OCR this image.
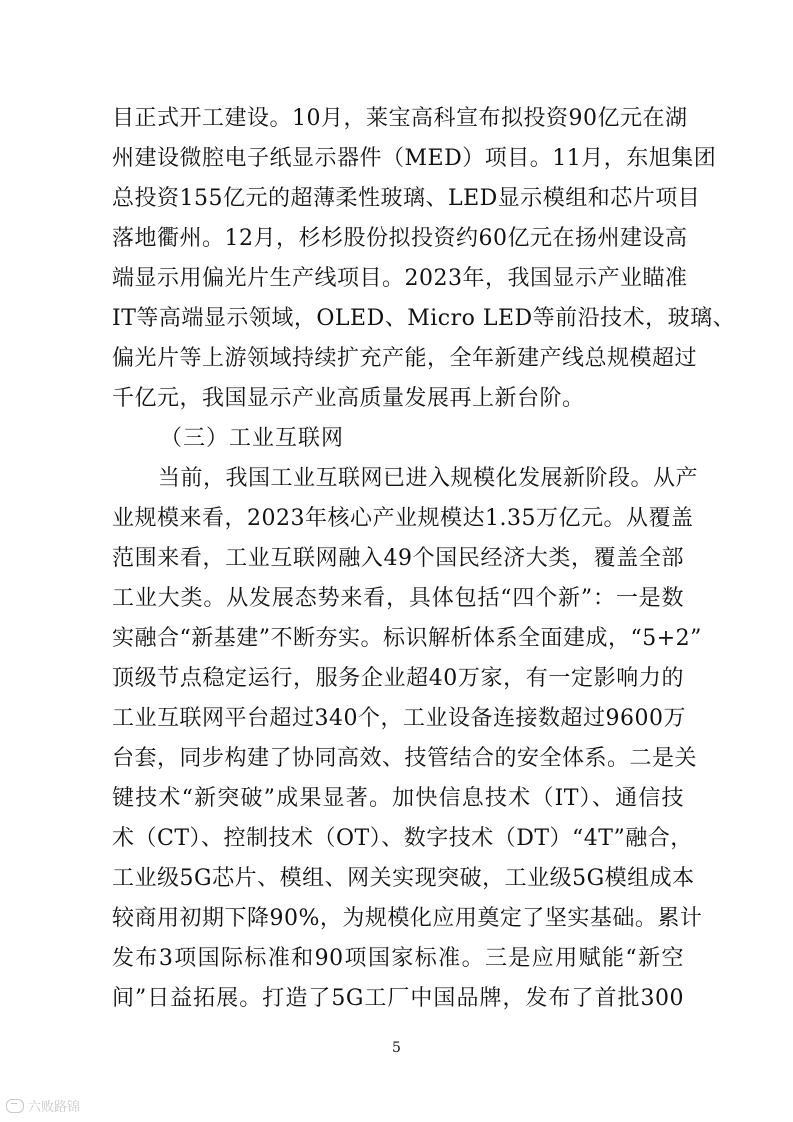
目正式开工建设。10月，莱宝高科宣布拟投资90亿元在湖
州建设微腔电子纸显示器件（MED）项目。11月，东旭集团
总投资155亿元的超薄柔性玻璃、LED显示模组和芯片项目
落地衢州。12月，杉杉股份拟投资约60亿元在扬州建设高
端显示用偏光片生产线项目。2023年，我国显示产业瞄准
IT等高端显示领域，OLED、Micro LED等前沿技术，玻璃、
偏光片等上游领域持续扩充产能，全年新建产线总规模超过
千亿元，我国显示产业高质量发展再上新台阶。
（三）工业互联网
当前，我国工业互联网已进入规模化发展新阶段。从产
业规模来看，2023年核心产业规模达1.35万亿元。从覆盖
范围来看，工业互联网融入49个国民经济大类，覆盖全部
工业大类。从发展态势来看，具体包括“四个新”：一是数
实融合“新基建”不断夯实。标识解析体系全面建成，“5+2”
顶级节点稳定运行，服务企业超40万家，有一定影响力的
工业互联网平台超过340个，工业设备连接数超过9600万
台套，同步构建了协同高效、技管结合的安全体系。二是关
键技术“新突破”成果显著。加快信息技术（IT）、通信技
术（CT）、控制技术（OT）、数字技术（DT）“4T”融合，
工业级5G芯片、模组、网关实现突破，工业级5G模组成本
较商用初期下降90%，为规模化应用奠定了坚实基础。累计
发布3项国际标准和90项国家标准。三是应用赋能“新空
间”日益拓展。打造了5G工厂中国品牌，发布了首批300
5
六败路锦
